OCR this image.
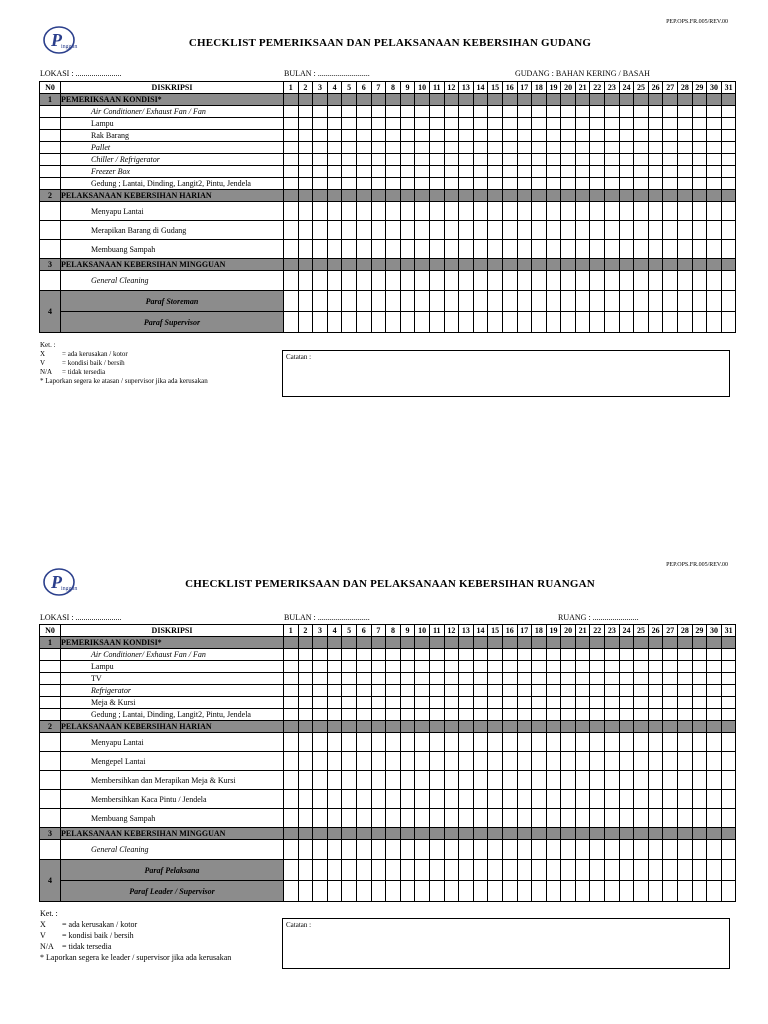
PEP.OPS.FR.005/REV.00
P inggan	CHECKLIST PEMERIKSAAN DAN PELAKSANAAN KEBERSIHAN GUDANG
LOKASI : .......................	BULAN : ..........................	GUDANG : BAHAN KERING / BASAH
N0	DISKRIPSI	1	2	3	4	5	6	7	8	9	10	11	12	13	14	15	16	17	18	19	20	21	22	23	24	25	26	27	28	29	30	31
1	PEMERIKSAAN KONDISI*																															
	Air Conditioner/ Exhaust Fan / Fan																															
	Lampu																															
	Rak Barang																															
	Pallet																															
	Chiller / Refrigerator																															
	Freezer Box																															
	Gedung ; Lantai, Dinding, Langit2, Pintu, Jendela																															
2	PELAKSANAAN KEBERSIHAN HARIAN																															
	Menyapu Lantai																															
	Merapikan Barang di Gudang																															
	Membuang Sampah																															
3	PELAKSANAAN KEBERSIHAN MINGGUAN																															
	General Cleaning																															
4	Paraf Storeman																															
	Paraf Supervisor																															
Ket. :
X = ada kerusakan / kotor
V = kondisi baik / bersih
N/A = tidak tersedia
* Laporkan segera ke atasan / supervisor jika ada kerusakan
Catatan :
PEP.OPS.FR.005/REV.00
P inggan	CHECKLIST PEMERIKSAAN DAN PELAKSANAAN KEBERSIHAN RUANGAN
LOKASI : .......................	BULAN : ..........................	RUANG : .......................
N0	DISKRIPSI	1	2	3	4	5	6	7	8	9	10	11	12	13	14	15	16	17	18	19	20	21	22	23	24	25	26	27	28	29	30	31
1	PEMERIKSAAN KONDISI*																															
	Air Conditioner/ Exhaust Fan / Fan																															
	Lampu																															
	TV																															
	Refrigerator																															
	Meja & Kursi																															
	Gedung ; Lantai, Dinding, Langit2, Pintu, Jendela																															
2	PELAKSANAAN KEBERSIHAN HARIAN																															
	Menyapu Lantai																															
	Mengepel Lantai																															
	Membersihkan dan Merapikan Meja & Kursi																															
	Membersihkan Kaca Pintu / Jendela																															
	Membuang Sampah																															
3	PELAKSANAAN KEBERSIHAN MINGGUAN																															
	General Cleaning																															
4	Paraf Pelaksana																															
	Paraf Leader / Supervisor																															
Ket. :
X = ada kerusakan / kotor
V = kondisi baik / bersih
N/A = tidak tersedia
* Laporkan segera ke leader / supervisor jika ada kerusakan
Catatan :
